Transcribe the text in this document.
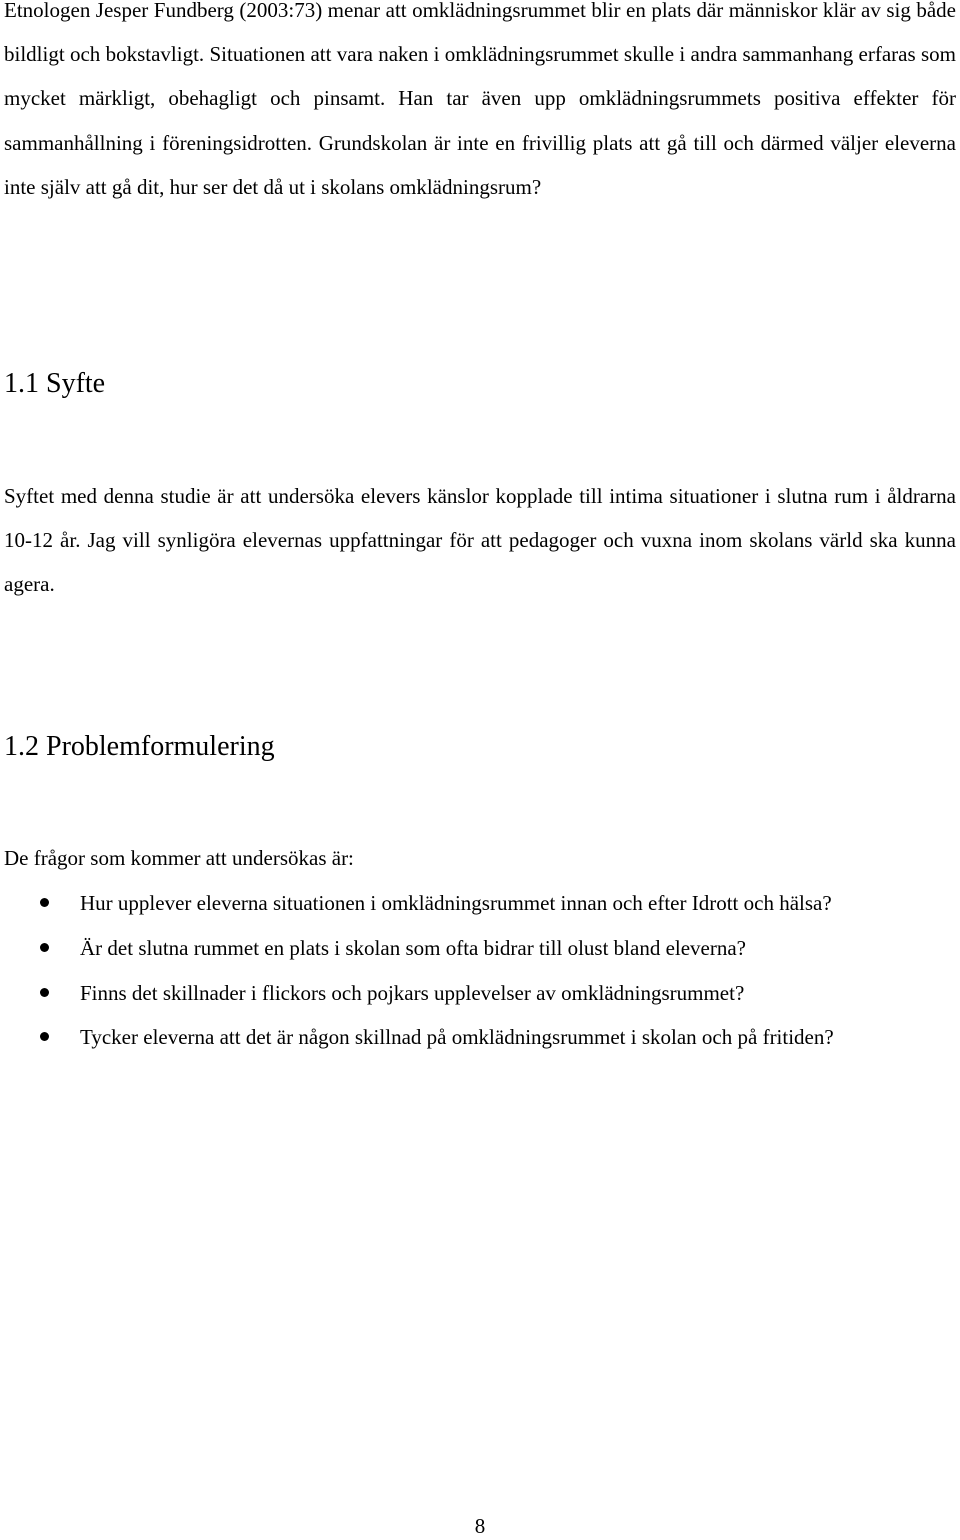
Etnologen Jesper Fundberg (2003:73) menar att omklädningsrummet blir en plats där människor klär av sig både bildligt och bokstavligt. Situationen att vara naken i omklädningsrummet skulle i andra sammanhang erfaras som mycket märkligt, obehagligt och pinsamt. Han tar även upp omklädningsrummets positiva effekter för sammanhållning i föreningsidrotten. Grundskolan är inte en frivillig plats att gå till och därmed väljer eleverna inte själv att gå dit, hur ser det då ut i skolans omklädningsrum?

1.1 Syfte

Syftet med denna studie är att undersöka elevers känslor kopplade till intima situationer i slutna rum i åldrarna 10-12 år. Jag vill synligöra elevernas uppfattningar för att pedagoger och vuxna inom skolans värld ska kunna agera.

1.2 Problemformulering

De frågor som kommer att undersökas är:

Hur upplever eleverna situationen i omklädningsrummet innan och efter Idrott och hälsa?
Är det slutna rummet en plats i skolan som ofta bidrar till olust bland eleverna?
Finns det skillnader i flickors och pojkars upplevelser av omklädningsrummet?
Tycker eleverna att det är någon skillnad på omklädningsrummet i skolan och på fritiden?
8
